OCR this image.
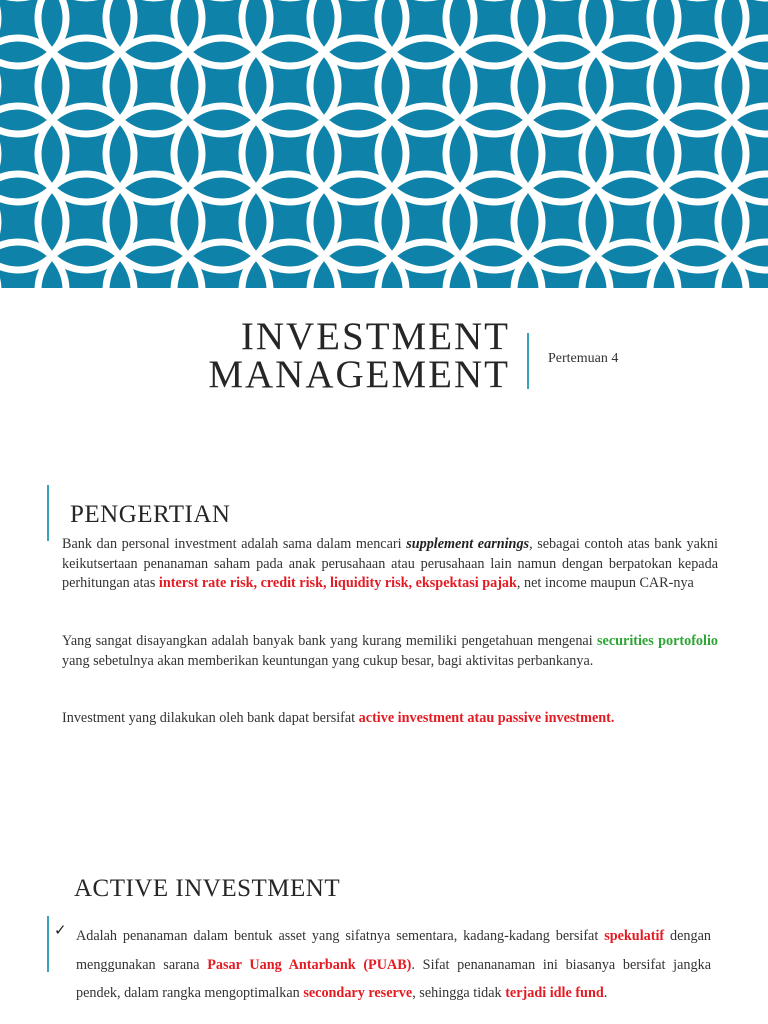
INVESTMENT
MANAGEMENT	Pertemuan 4
PENGERTIAN

Bank dan personal investment adalah sama dalam mencari supplement earnings, sebagai contoh atas bank yakni keikutsertaan penanaman saham pada anak perusahaan atau perusahaan lain namun dengan berpatokan kepada perhitungan atas interst rate risk, credit risk, liquidity risk, ekspektasi pajak, net income maupun CAR-nya

Yang sangat disayangkan adalah banyak bank yang kurang memiliki pengetahuan mengenai securities portofolio yang sebetulnya akan memberikan keuntungan yang cukup besar, bagi aktivitas perbankanya.

Investment yang dilakukan oleh bank dapat bersifat active investment atau passive investment.

ACTIVE INVESTMENT
✓ Adalah penanaman dalam bentuk asset yang sifatnya sementara, kadang-kadang bersifat spekulatif dengan menggunakan sarana Pasar Uang Antarbank (PUAB). Sifat penananaman ini biasanya bersifat jangka pendek, dalam rangka mengoptimalkan secondary reserve, sehingga tidak terjadi idle fund.
